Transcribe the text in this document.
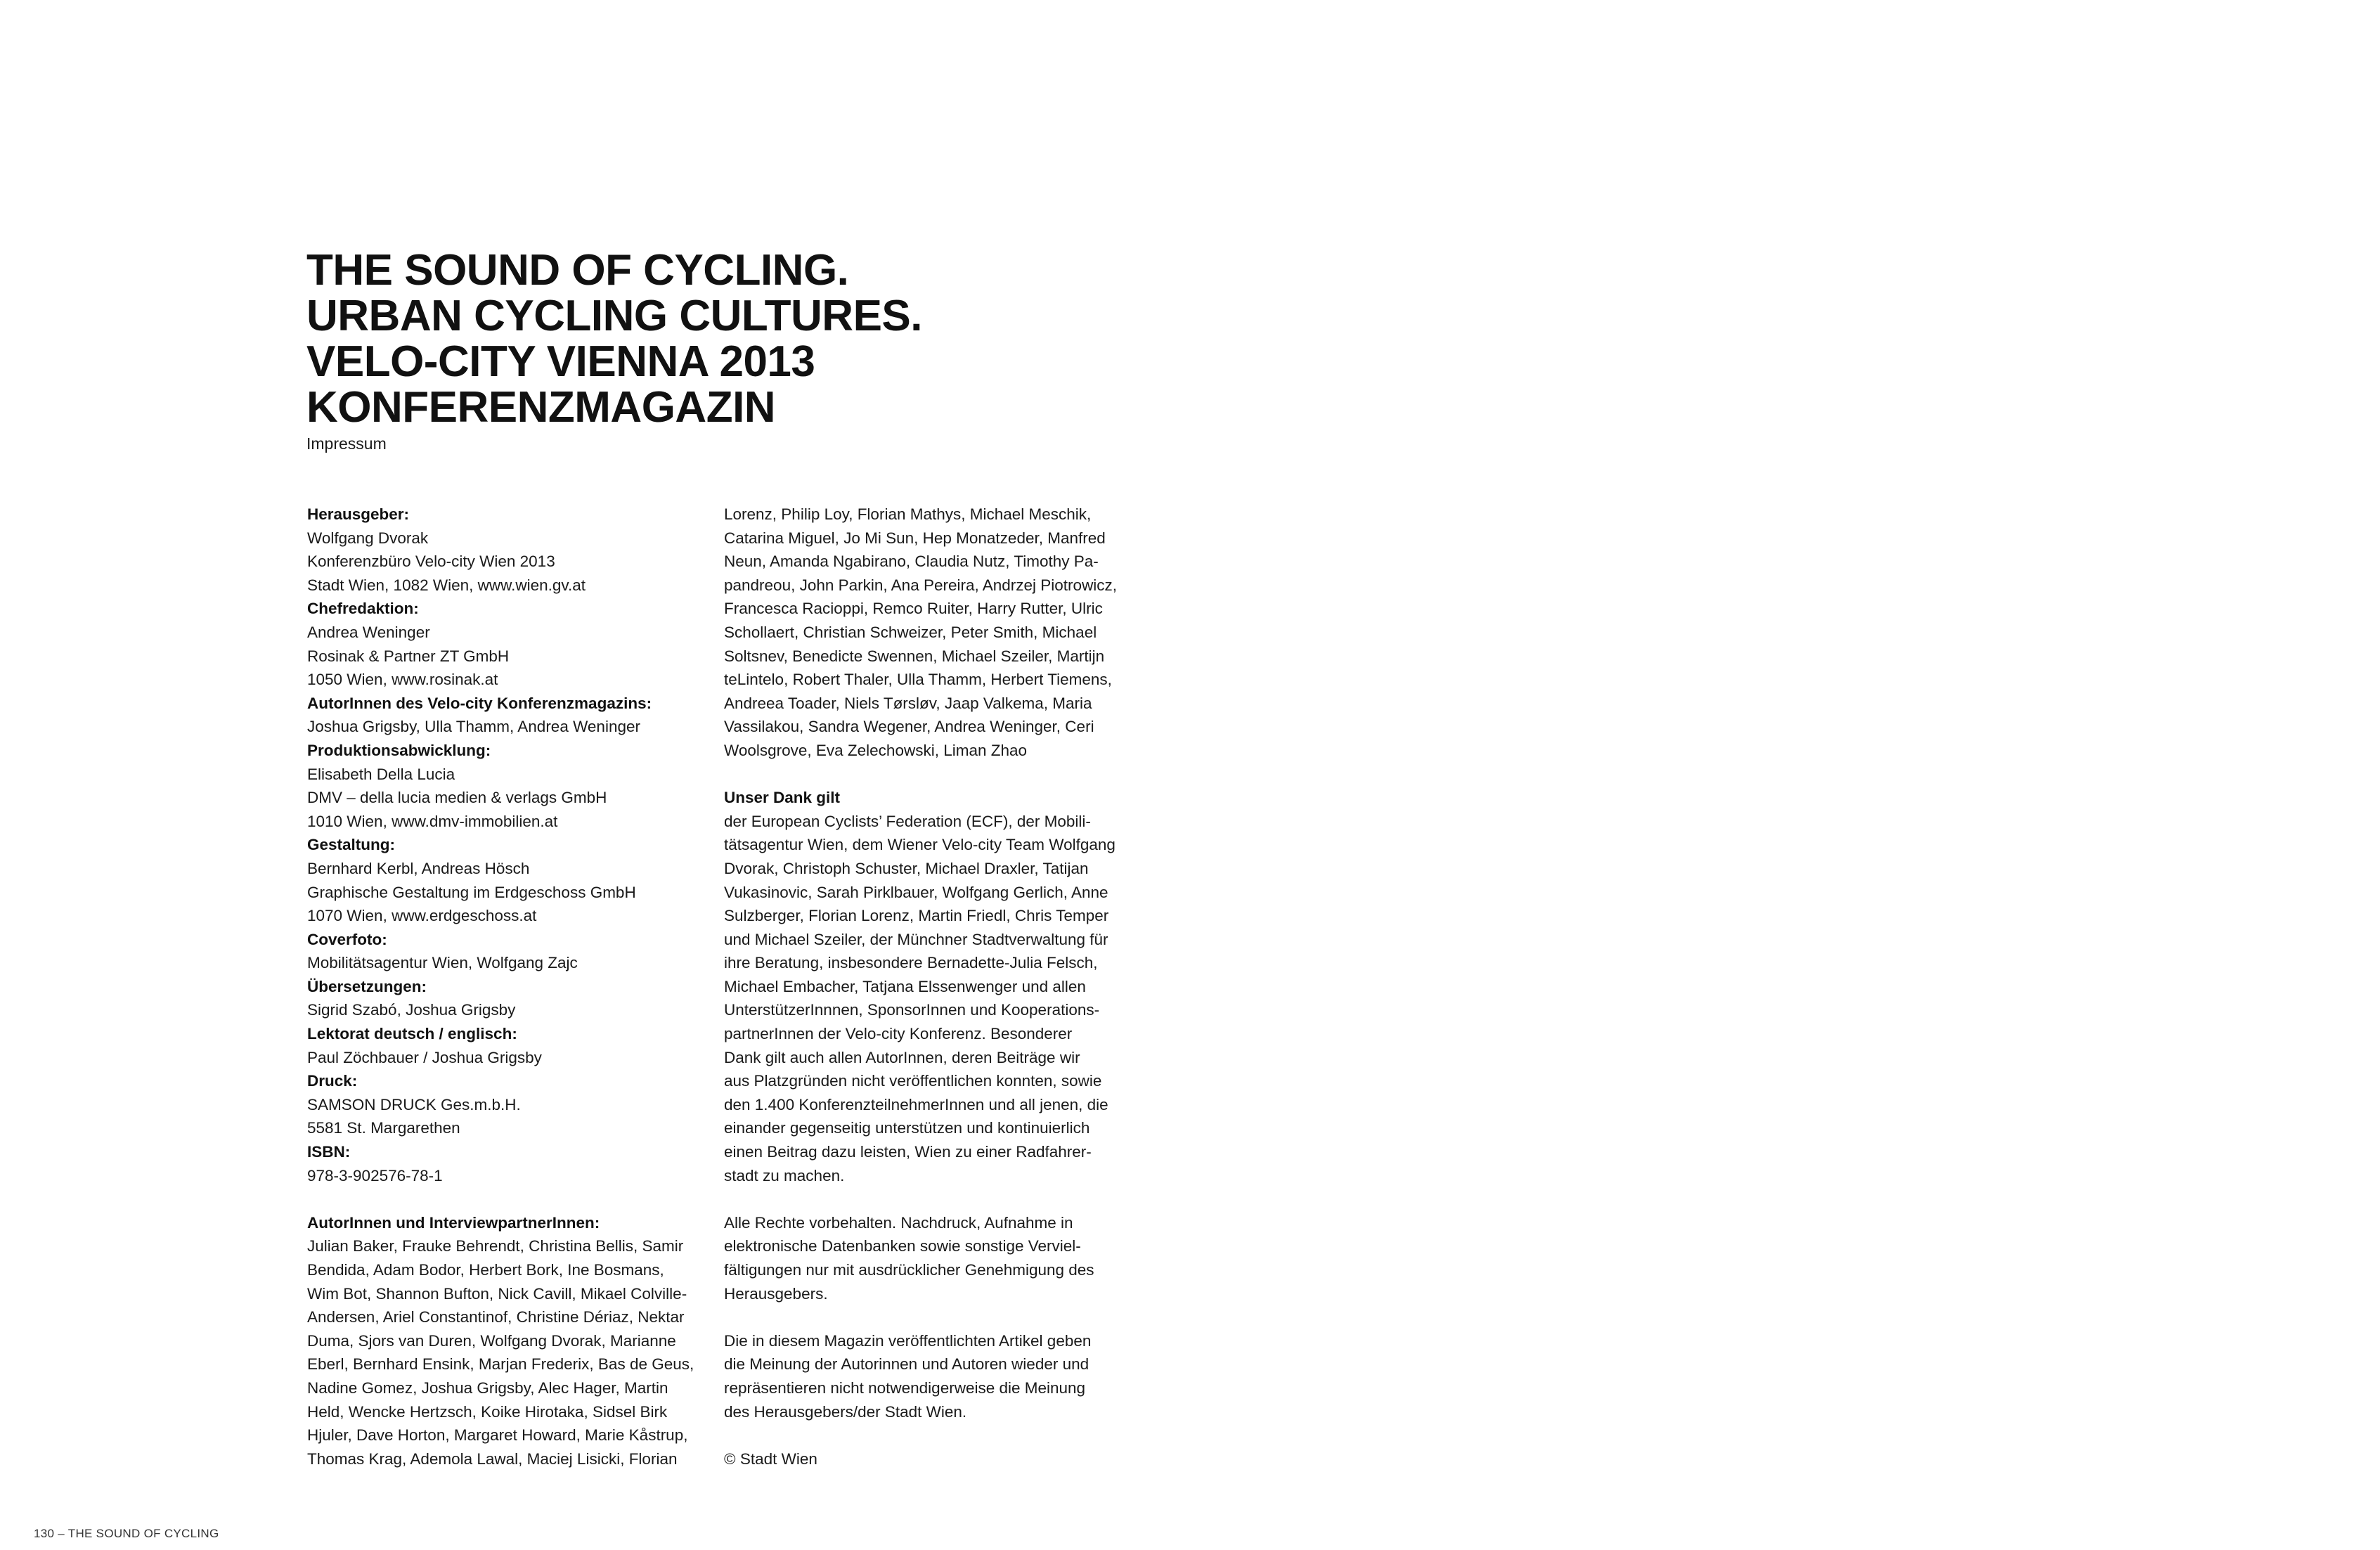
THE SOUND OF CYCLING.
URBAN CYCLING CULTURES.
VELO-CITY VIENNA 2013
KONFERENZMAGAZIN
Impressum
Herausgeber:
Wolfgang Dvorak
Konferenzbüro Velo-city Wien 2013
Stadt Wien, 1082 Wien, www.wien.gv.at
Chefredaktion:
Andrea Weninger
Rosinak & Partner ZT GmbH
1050 Wien, www.rosinak.at
AutorInnen des Velo-city Konferenzmagazins:
Joshua Grigsby, Ulla Thamm, Andrea Weninger
Produktionsabwicklung:
Elisabeth Della Lucia
DMV – della lucia medien & verlags GmbH
1010 Wien, www.dmv-immobilien.at
Gestaltung:
Bernhard Kerbl, Andreas Hösch
Graphische Gestaltung im Erdgeschoss GmbH
1070 Wien, www.erdgeschoss.at
Coverfoto:
Mobilitätsagentur Wien, Wolfgang Zajc
Übersetzungen:
Sigrid Szabó, Joshua Grigsby
Lektorat deutsch / englisch:
Paul Zöchbauer / Joshua Grigsby
Druck:
SAMSON DRUCK Ges.m.b.H.
5581 St. Margarethen
ISBN:
978-3-902576-78-1
AutorInnen und InterviewpartnerInnen:
Julian Baker, Frauke Behrendt, Christina Bellis, Samir
Bendida, Adam Bodor, Herbert Bork, Ine Bosmans,
Wim Bot, Shannon Bufton, Nick Cavill, Mikael Colville-
Andersen, Ariel Constantinof, Christine Dériaz, Nektar
Duma, Sjors van Duren, Wolfgang Dvorak, Marianne
Eberl, Bernhard Ensink, Marjan Frederix, Bas de Geus,
Nadine Gomez, Joshua Grigsby, Alec Hager, Martin
Held, Wencke Hertzsch, Koike Hirotaka, Sidsel Birk
Hjuler, Dave Horton, Margaret Howard, Marie Kåstrup,
Thomas Krag, Ademola Lawal, Maciej Lisicki, Florian
Lorenz, Philip Loy, Florian Mathys, Michael Meschik,
Catarina Miguel, Jo Mi Sun, Hep Monatzeder, Manfred
Neun, Amanda Ngabirano, Claudia Nutz, Timothy Pa-
pandreou, John Parkin, Ana Pereira, Andrzej Piotrowicz,
Francesca Racioppi, Remco Ruiter, Harry Rutter, Ulric
Schollaert, Christian Schweizer, Peter Smith, Michael
Soltsnev, Benedicte Swennen, Michael Szeiler, Martijn
teLintelo, Robert Thaler, Ulla Thamm, Herbert Tiemens,
Andreea Toader, Niels Tørsløv, Jaap Valkema, Maria
Vassilakou, Sandra Wegener, Andrea Weninger, Ceri
Woolsgrove, Eva Zelechowski, Liman Zhao
Unser Dank gilt
der European Cyclists’ Federation (ECF), der Mobili-
tätsagentur Wien, dem Wiener Velo-city Team Wolfgang
Dvorak, Christoph Schuster, Michael Draxler, Tatijan
Vukasinovic, Sarah Pirklbauer, Wolfgang Gerlich, Anne
Sulzberger, Florian Lorenz, Martin Friedl, Chris Temper
und Michael Szeiler, der Münchner Stadtverwaltung für
ihre Beratung, insbesondere Bernadette-Julia Felsch,
Michael Embacher, Tatjana Elssenwenger und allen
UnterstützerInnnen, SponsorInnen und Kooperations-
partnerInnen der Velo-city Konferenz. Besonderer
Dank gilt auch allen AutorInnen, deren Beiträge wir
aus Platzgründen nicht veröffentlichen konnten, sowie
den 1.400 KonferenzteilnehmerInnen und all jenen, die
einander gegenseitig unterstützen und kontinuierlich
einen Beitrag dazu leisten, Wien zu einer Radfahrer-
stadt zu machen.
Alle Rechte vorbehalten. Nachdruck, Aufnahme in
elektronische Datenbanken sowie sonstige Verviel-
fältigungen nur mit ausdrücklicher Genehmigung des
Herausgebers.
Die in diesem Magazin veröffentlichten Artikel geben
die Meinung der Autorinnen und Autoren wieder und
repräsentieren nicht notwendigerweise die Meinung
des Herausgebers/der Stadt Wien.
© Stadt Wien
130 – THE SOUND OF CYCLING
